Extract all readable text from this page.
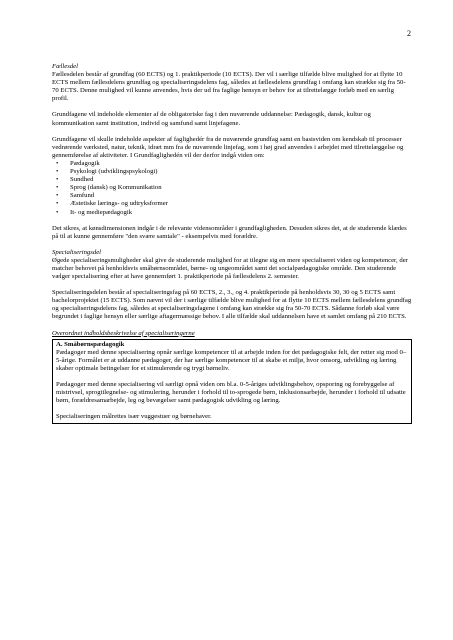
2
Fællesdel

Fællesdelen består af grundfag (60 ECTS) og 1. praktikperiode (10 ECTS). Der vil i særlige tilfælde blive mulighed for at flytte 10 ECTS mellem fællesdelens grundfag og specialiseringsdelens fag, således at fællesdelens grundfag i omfang kan strække sig fra 50-70 ECTS. Denne mulighed vil kunne anvendes, hvis der ud fra faglige hensyn er behov for at tilrettelægge forløb med en særlig profil.

Grundfagene vil indeholde elementer af de obligatoriske fag i den nuværende uddannelse: Pædagogik, dansk, kultur og kommunikation samt institution, individ og samfund samt linjefagene.

Grundfagene vil skulle indeholde aspekter af faglighedér fra de nuværende grundfag samt en basisviden om kendskab til processer vedrørende værksted, natur, teknik, idræt mm fra de nuværende linjefag, som i høj grad anvendes i arbejdet med tilrettelæggelse og gennemførelse af aktiviteter. I Grundfaglighedén vil der derfor indgå viden om:

• Pædagogik
• Psykologi (udviklingspsykologi)
• Sundhed
• Sprog (dansk) og Kommunikation
• Samfund
• Æstetiske lærings- og udtryksformer
• It- og mediepædagogik

Det sikres, at kønsdimensionen indgår i de relevante vidensområder i grundfagligheden. Desuden sikres det, at de studerende klædes på til at kunne gennemføre "den svære samtale" - eksempelvis med forældre.

Specialiseringsdel

Øgede specialiseringsmuligheder skal give de studerende mulighed for at tilegne sig en mere specialiseret viden og kompetencer, der matcher behovet på henholdsvis småbørnsområdet, børne- og ungeområdet samt det socialpædagogiske område. Den studerende vælger specialisering efter at have gennemført 1. praktikperiode på fællesdelens 2. semester.

Specialiseringsdelen består af specialiseringsfag på 60 ECTS, 2., 3., og 4. praktikperiode på henholdsvis 30, 30 og 5 ECTS samt bachelorprojektet (15 ECTS). Som nævnt vil der i særlige tilfælde blive mulighed for at flytte 10 ECTS mellem fællesdelens grundfag og specialiseringsdelens fag, således at specialiseringsfagene i omfang kan strække sig fra 50-70 ECTS. Sådanne forløb skal være begrundet i faglige hensyn eller særlige aftagermæssige behov. I alle tilfælde skal uddannelsen have et samlet omfang på 210 ECTS.

Overordnet indholdsbeskrivelse af specialiseringerne
A. Småbørnspædagogik

Pædagoger med denne specialisering opnår særlige kompetencer til at arbejde inden for det pædagogiske felt, der retter sig mod 0–5-årige. Formålet er at uddanne pædagoger, der har særlige kompetencer til at skabe et miljø, hvor omsorg, udvikling og læring skaber optimale betingelser for et stimulerende og trygt børneliv.

Pædagoger med denne specialisering vil særligt opnå viden om bl.a. 0-5-åriges udviklingsbehov, opsporing og forebyggelse af mistrivsel, sprogtilegnelse- og stimulering, herunder i forhold til to-sprogede børn, inklusionsarbejde, herunder i forhold til udsatte børn, forældresamarbejde, leg og bevægelser samt pædagogisk udvikling og læring.

Specialiseringen målrettes især vuggestuer og børnehaver.
